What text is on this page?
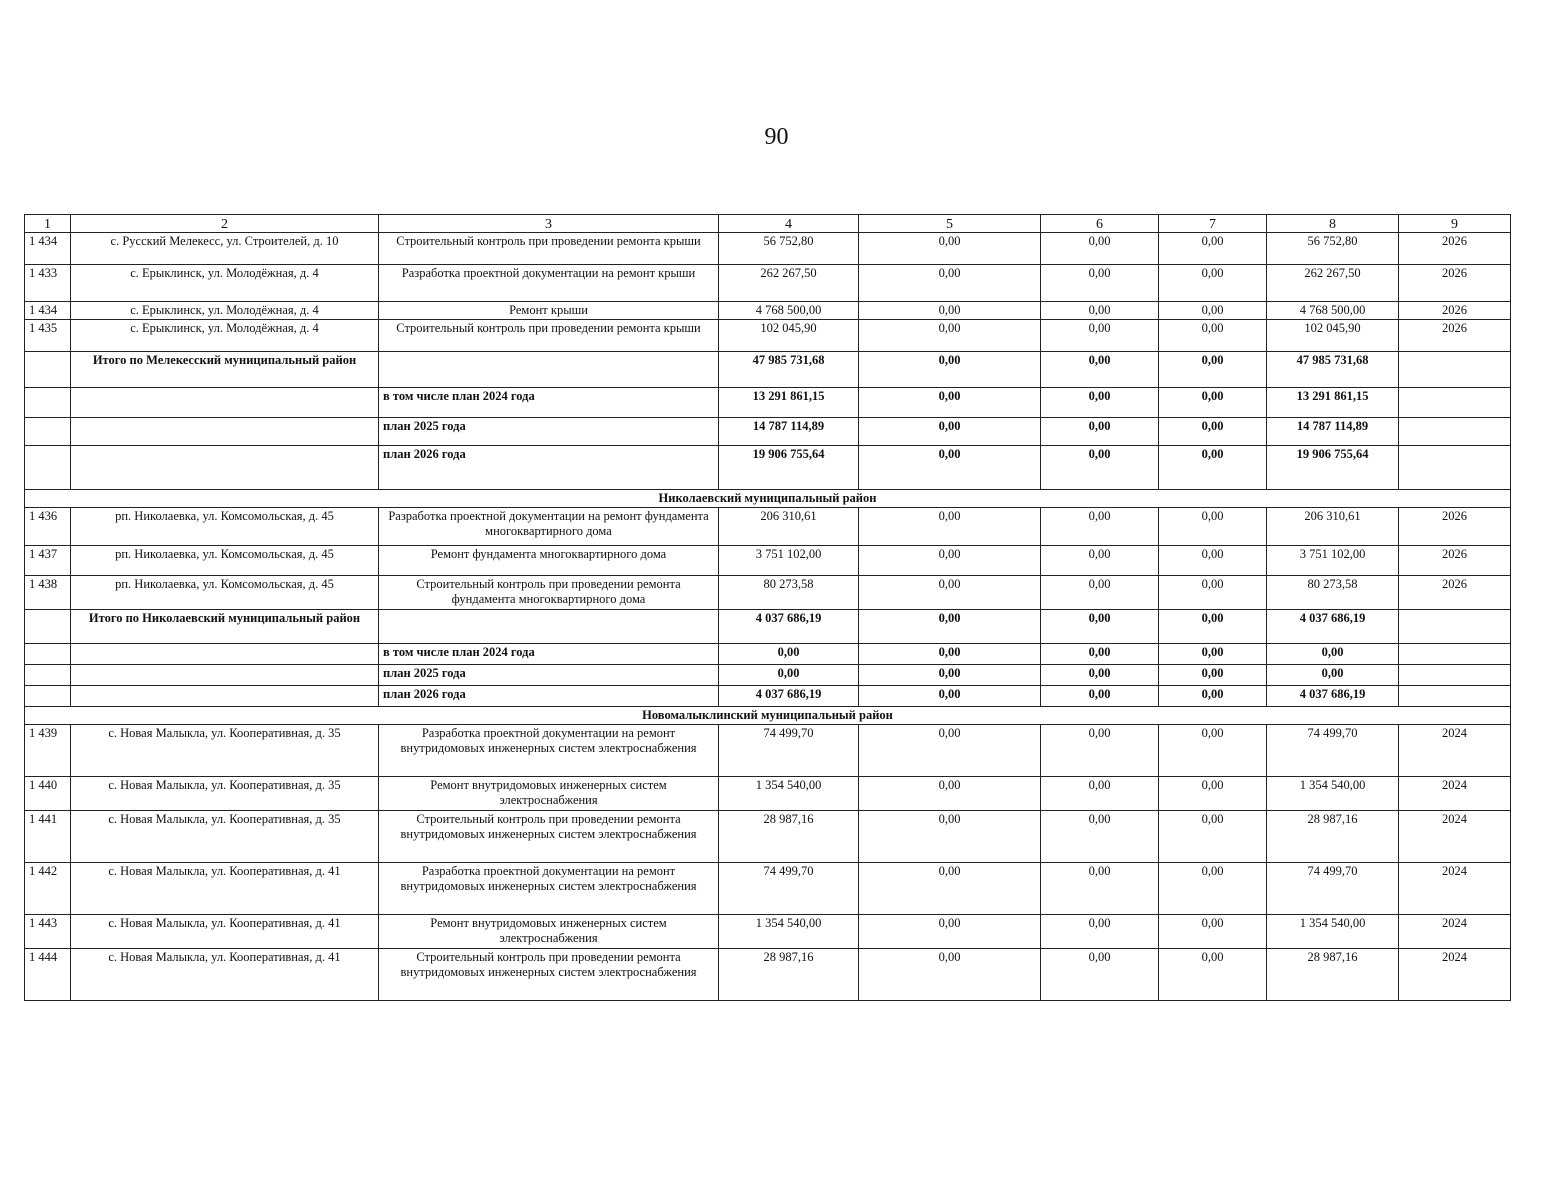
90
1	2	3	4	5	6	7	8	9
1 434	с. Русский Мелекесс, ул. Строителей, д. 10	Строительный контроль при проведении ремонта крыши	56 752,80	0,00	0,00	0,00	56 752,80	2026
1 433	с. Ерыклинск, ул. Молодёжная, д. 4	Разработка проектной документации на ремонт крыши	262 267,50	0,00	0,00	0,00	262 267,50	2026
1 434	с. Ерыклинск, ул. Молодёжная, д. 4	Ремонт крыши	4 768 500,00	0,00	0,00	0,00	4 768 500,00	2026
1 435	с. Ерыклинск, ул. Молодёжная, д. 4	Строительный контроль при проведении ремонта крыши	102 045,90	0,00	0,00	0,00	102 045,90	2026
	Итого по Мелекесский муниципальный район		47 985 731,68	0,00	0,00	0,00	47 985 731,68	
		в том числе план 2024 года	13 291 861,15	0,00	0,00	0,00	13 291 861,15	
		план 2025 года	14 787 114,89	0,00	0,00	0,00	14 787 114,89	
		план 2026 года	19 906 755,64	0,00	0,00	0,00	19 906 755,64	
Николаевский муниципальный район								
1 436	рп. Николаевка, ул. Комсомольская, д. 45	Разработка проектной документации на ремонт фундамента многоквартирного дома	206 310,61	0,00	0,00	0,00	206 310,61	2026
1 437	рп. Николаевка, ул. Комсомольская, д. 45	Ремонт фундамента многоквартирного дома	3 751 102,00	0,00	0,00	0,00	3 751 102,00	2026
1 438	рп. Николаевка, ул. Комсомольская, д. 45	Строительный контроль при проведении ремонта фундамента многоквартирного дома	80 273,58	0,00	0,00	0,00	80 273,58	2026
	Итого по Николаевский муниципальный район		4 037 686,19	0,00	0,00	0,00	4 037 686,19	
		в том числе план 2024 года	0,00	0,00	0,00	0,00	0,00	
		план 2025 года	0,00	0,00	0,00	0,00	0,00	
		план 2026 года	4 037 686,19	0,00	0,00	0,00	4 037 686,19	
Новомалыклинский муниципальный район								
1 439	с. Новая Малыкла, ул. Кооперативная, д. 35	Разработка проектной документации на ремонт внутридомовых инженерных систем электроснабжения	74 499,70	0,00	0,00	0,00	74 499,70	2024
1 440	с. Новая Малыкла, ул. Кооперативная, д. 35	Ремонт внутридомовых инженерных систем электроснабжения	1 354 540,00	0,00	0,00	0,00	1 354 540,00	2024
1 441	с. Новая Малыкла, ул. Кооперативная, д. 35	Строительный контроль при проведении ремонта внутридомовых инженерных систем электроснабжения	28 987,16	0,00	0,00	0,00	28 987,16	2024
1 442	с. Новая Малыкла, ул. Кооперативная, д. 41	Разработка проектной документации на ремонт внутридомовых инженерных систем электроснабжения	74 499,70	0,00	0,00	0,00	74 499,70	2024
1 443	с. Новая Малыкла, ул. Кооперативная, д. 41	Ремонт внутридомовых инженерных систем электроснабжения	1 354 540,00	0,00	0,00	0,00	1 354 540,00	2024
1 444	с. Новая Малыкла, ул. Кооперативная, д. 41	Строительный контроль при проведении ремонта внутридомовых инженерных систем электроснабжения	28 987,16	0,00	0,00	0,00	28 987,16	2024
